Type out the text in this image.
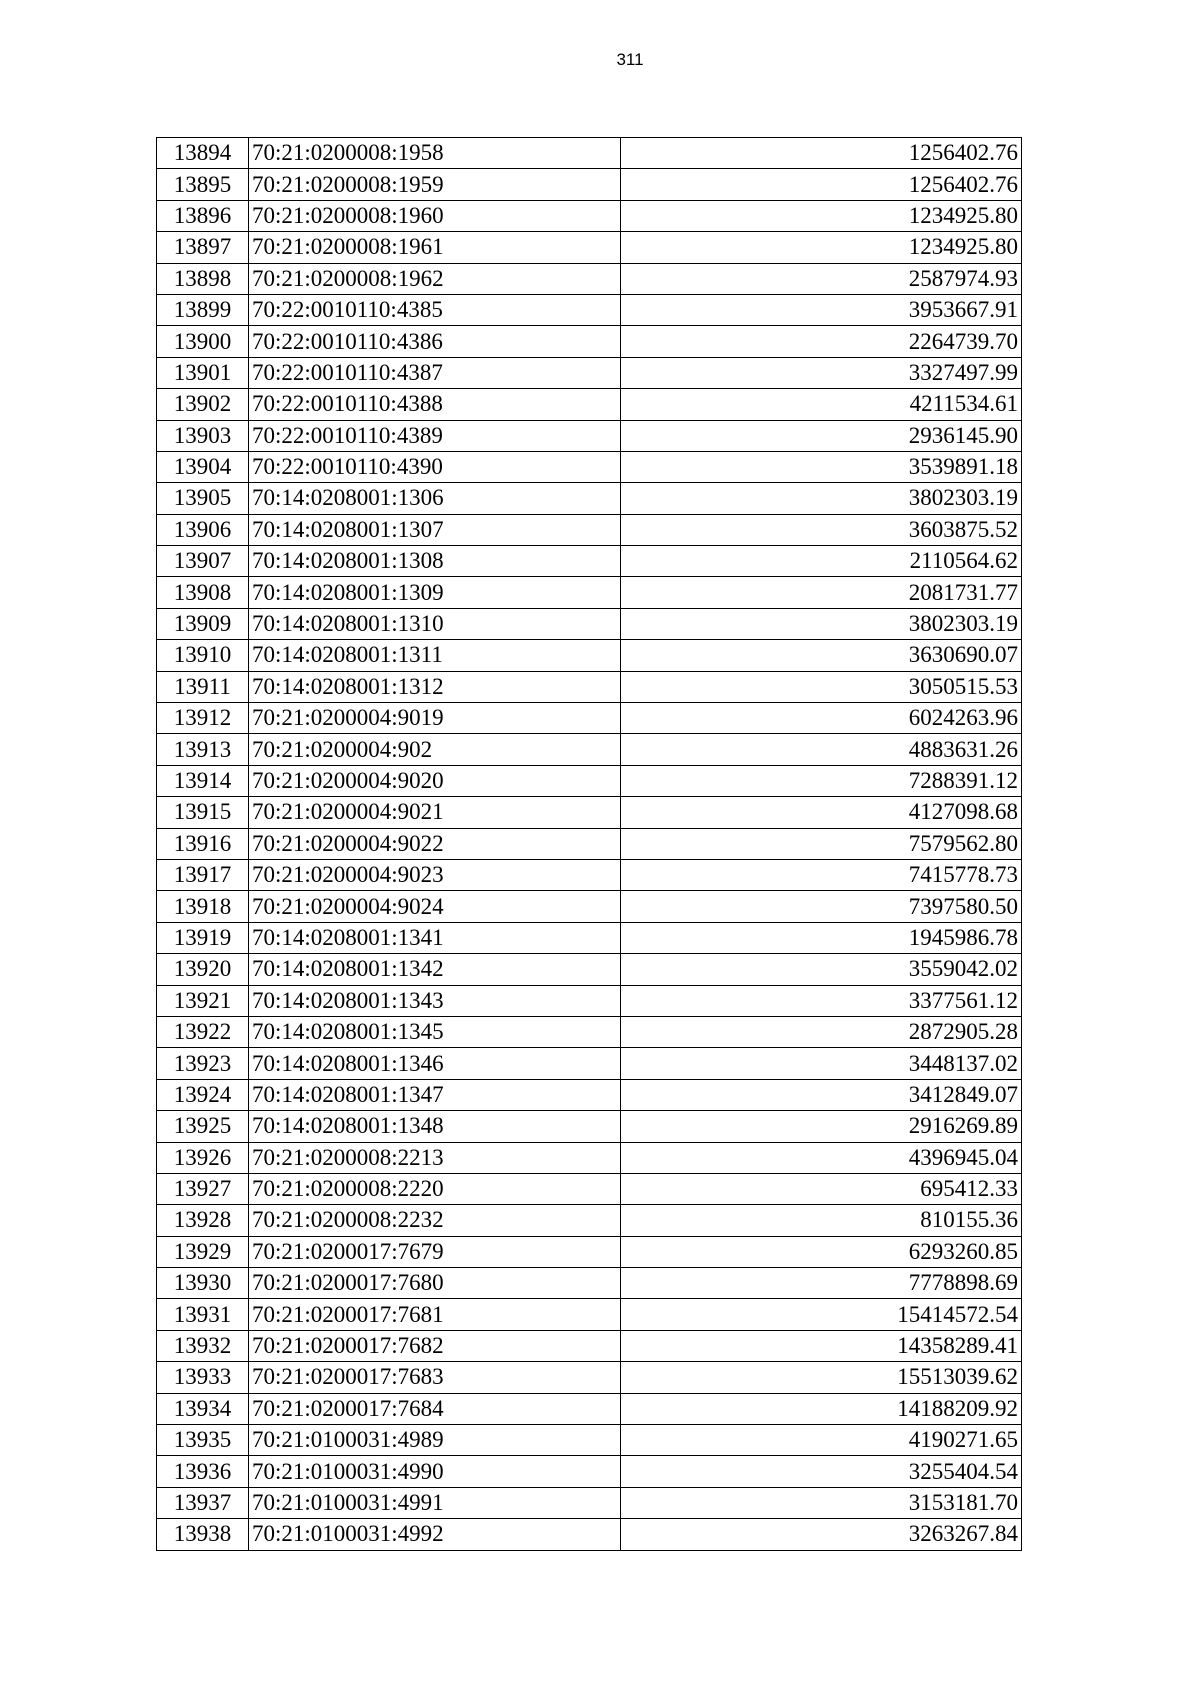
311
13894	70:21:0200008:1958	1256402.76
13895	70:21:0200008:1959	1256402.76
13896	70:21:0200008:1960	1234925.80
13897	70:21:0200008:1961	1234925.80
13898	70:21:0200008:1962	2587974.93
13899	70:22:0010110:4385	3953667.91
13900	70:22:0010110:4386	2264739.70
13901	70:22:0010110:4387	3327497.99
13902	70:22:0010110:4388	4211534.61
13903	70:22:0010110:4389	2936145.90
13904	70:22:0010110:4390	3539891.18
13905	70:14:0208001:1306	3802303.19
13906	70:14:0208001:1307	3603875.52
13907	70:14:0208001:1308	2110564.62
13908	70:14:0208001:1309	2081731.77
13909	70:14:0208001:1310	3802303.19
13910	70:14:0208001:1311	3630690.07
13911	70:14:0208001:1312	3050515.53
13912	70:21:0200004:9019	6024263.96
13913	70:21:0200004:902	4883631.26
13914	70:21:0200004:9020	7288391.12
13915	70:21:0200004:9021	4127098.68
13916	70:21:0200004:9022	7579562.80
13917	70:21:0200004:9023	7415778.73
13918	70:21:0200004:9024	7397580.50
13919	70:14:0208001:1341	1945986.78
13920	70:14:0208001:1342	3559042.02
13921	70:14:0208001:1343	3377561.12
13922	70:14:0208001:1345	2872905.28
13923	70:14:0208001:1346	3448137.02
13924	70:14:0208001:1347	3412849.07
13925	70:14:0208001:1348	2916269.89
13926	70:21:0200008:2213	4396945.04
13927	70:21:0200008:2220	695412.33
13928	70:21:0200008:2232	810155.36
13929	70:21:0200017:7679	6293260.85
13930	70:21:0200017:7680	7778898.69
13931	70:21:0200017:7681	15414572.54
13932	70:21:0200017:7682	14358289.41
13933	70:21:0200017:7683	15513039.62
13934	70:21:0200017:7684	14188209.92
13935	70:21:0100031:4989	4190271.65
13936	70:21:0100031:4990	3255404.54
13937	70:21:0100031:4991	3153181.70
13938	70:21:0100031:4992	3263267.84
